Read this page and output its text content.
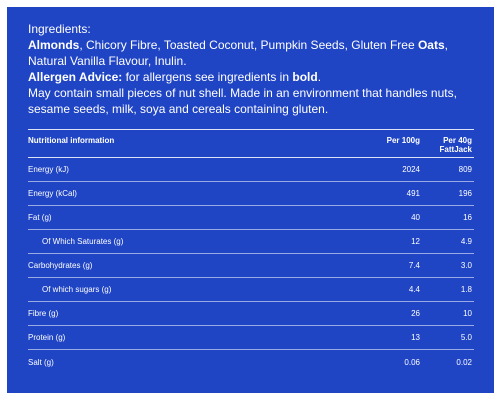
Ingredients:
Almonds, Chicory Fibre, Toasted Coconut, Pumpkin Seeds, Gluten Free Oats, Natural Vanilla Flavour, Inulin.
Allergen Advice: for allergens see ingredients in bold.
May contain small pieces of nut shell. Made in an environment that handles nuts, sesame seeds, milk, soya and cereals containing gluten.

Nutritional information	Per 100g	Per 40g FattJack
Energy (kJ)	2024	809
Energy (kCal)	491	196
Fat (g)	40	16
Of Which Saturates (g)	12	4.9
Carbohydrates (g)	7.4	3.0
Of which sugars (g)	4.4	1.8
Fibre (g)	26	10
Protein (g)	13	5.0
Salt (g)	0.06	0.02
